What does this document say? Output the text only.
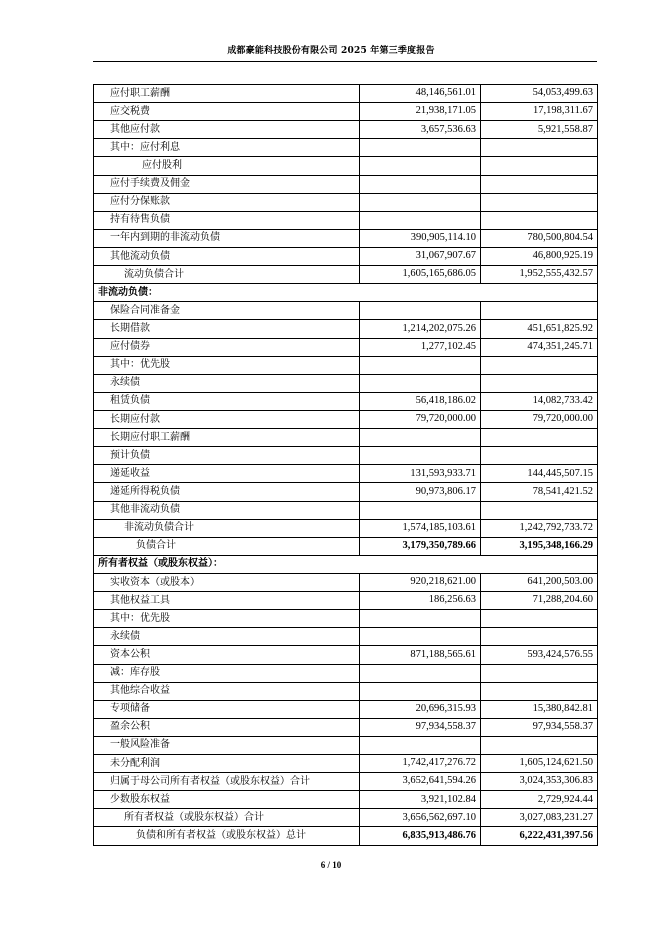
成都豪能科技股份有限公司 2025 年第三季度报告
应付职工薪酬	48,146,561.01	54,053,499.63
应交税费	21,938,171.05	17,198,311.67
其他应付款	3,657,536.63	5,921,558.87
其中：应付利息		
应付股利		
应付手续费及佣金		
应付分保账款		
持有待售负债		
一年内到期的非流动负债	390,905,114.10	780,500,804.54
其他流动负债	31,067,907.67	46,800,925.19
流动负债合计	1,605,165,686.05	1,952,555,432.57
非流动负债：		
保险合同准备金		
长期借款	1,214,202,075.26	451,651,825.92
应付债券	1,277,102.45	474,351,245.71
其中：优先股		
永续债		
租赁负债	56,418,186.02	14,082,733.42
长期应付款	79,720,000.00	79,720,000.00
长期应付职工薪酬		
预计负债		
递延收益	131,593,933.71	144,445,507.15
递延所得税负债	90,973,806.17	78,541,421.52
其他非流动负债		
非流动负债合计	1,574,185,103.61	1,242,792,733.72
负债合计	3,179,350,789.66	3,195,348,166.29
所有者权益（或股东权益）：		
实收资本（或股本）	920,218,621.00	641,200,503.00
其他权益工具	186,256.63	71,288,204.60
其中：优先股		
永续债		
资本公积	871,188,565.61	593,424,576.55
减：库存股		
其他综合收益		
专项储备	20,696,315.93	15,380,842.81
盈余公积	97,934,558.37	97,934,558.37
一般风险准备		
未分配利润	1,742,417,276.72	1,605,124,621.50
归属于母公司所有者权益（或股东权益）合计	3,652,641,594.26	3,024,353,306.83
少数股东权益	3,921,102.84	2,729,924.44
所有者权益（或股东权益）合计	3,656,562,697.10	3,027,083,231.27
负债和所有者权益（或股东权益）总计	6,835,913,486.76	6,222,431,397.56
6 / 10
